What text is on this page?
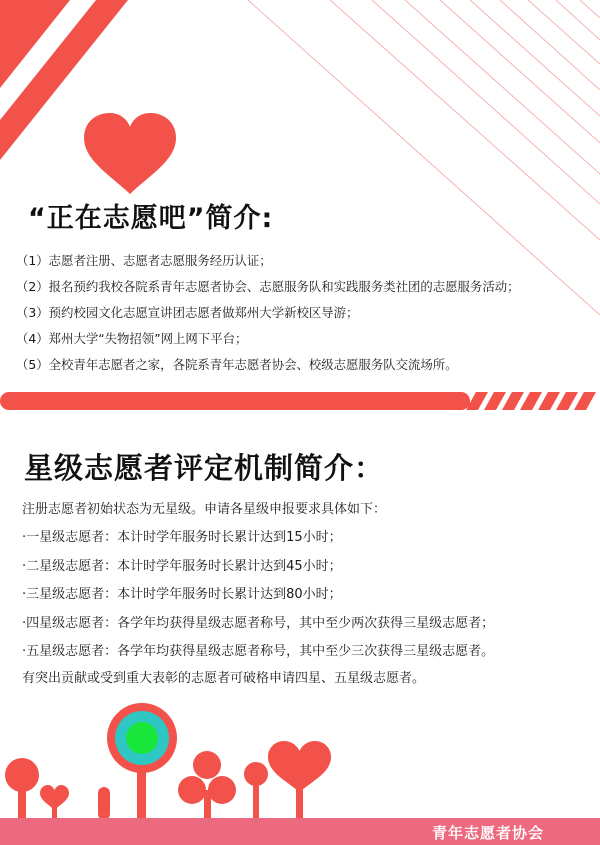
“正在志愿吧”简介:
（1）志愿者注册、志愿者志愿服务经历认证；
（2）报名预约我校各院系青年志愿者协会、志愿服务队和实践服务类社团的志愿服务活动；
（3）预约校园文化志愿宣讲团志愿者做郑州大学新校区导游；
（4）郑州大学“失物招领”网上网下平台；
（5）全校青年志愿者之家，各院系青年志愿者协会、校级志愿服务队交流场所。
星级志愿者评定机制简介：
注册志愿者初始状态为无星级。申请各星级申报要求具体如下：
·一星级志愿者：本计时学年服务时长累计达到15小时；
·二星级志愿者：本计时学年服务时长累计达到45小时；
·三星级志愿者：本计时学年服务时长累计达到80小时；
·四星级志愿者：各学年均获得星级志愿者称号，其中至少两次获得三星级志愿者；
·五星级志愿者：各学年均获得星级志愿者称号，其中至少三次获得三星级志愿者。
有突出贡献或受到重大表彰的志愿者可破格申请四星、五星级志愿者。
青年志愿者协会
